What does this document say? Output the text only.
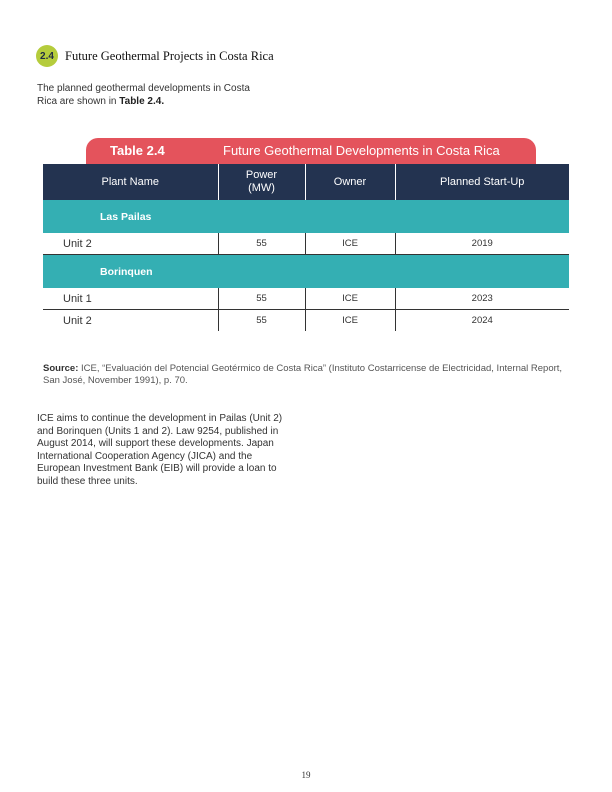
2.4 Future Geothermal Projects in Costa Rica

The planned geothermal developments in Costa Rica are shown in Table 2.4.

Table 2.4	Future Geothermal Developments in Costa Rica
Plant Name	Power (MW)	Owner	Planned Start-Up
Las Pailas			
Unit 2	55	ICE	2019
Borinquen			
Unit 1	55	ICE	2023
Unit 2	55	ICE	2024

Source: ICE, “Evaluación del Potencial Geotérmico de Costa Rica” (Instituto Costarricense de Electricidad, Internal Report, San José, November 1991), p. 70.

ICE aims to continue the development in Pailas (Unit 2) and Borinquen (Units 1 and 2). Law 9254, published in August 2014, will support these developments. Japan International Cooperation Agency (JICA) and the European Investment Bank (EIB) will provide a loan to build these three units.

19
